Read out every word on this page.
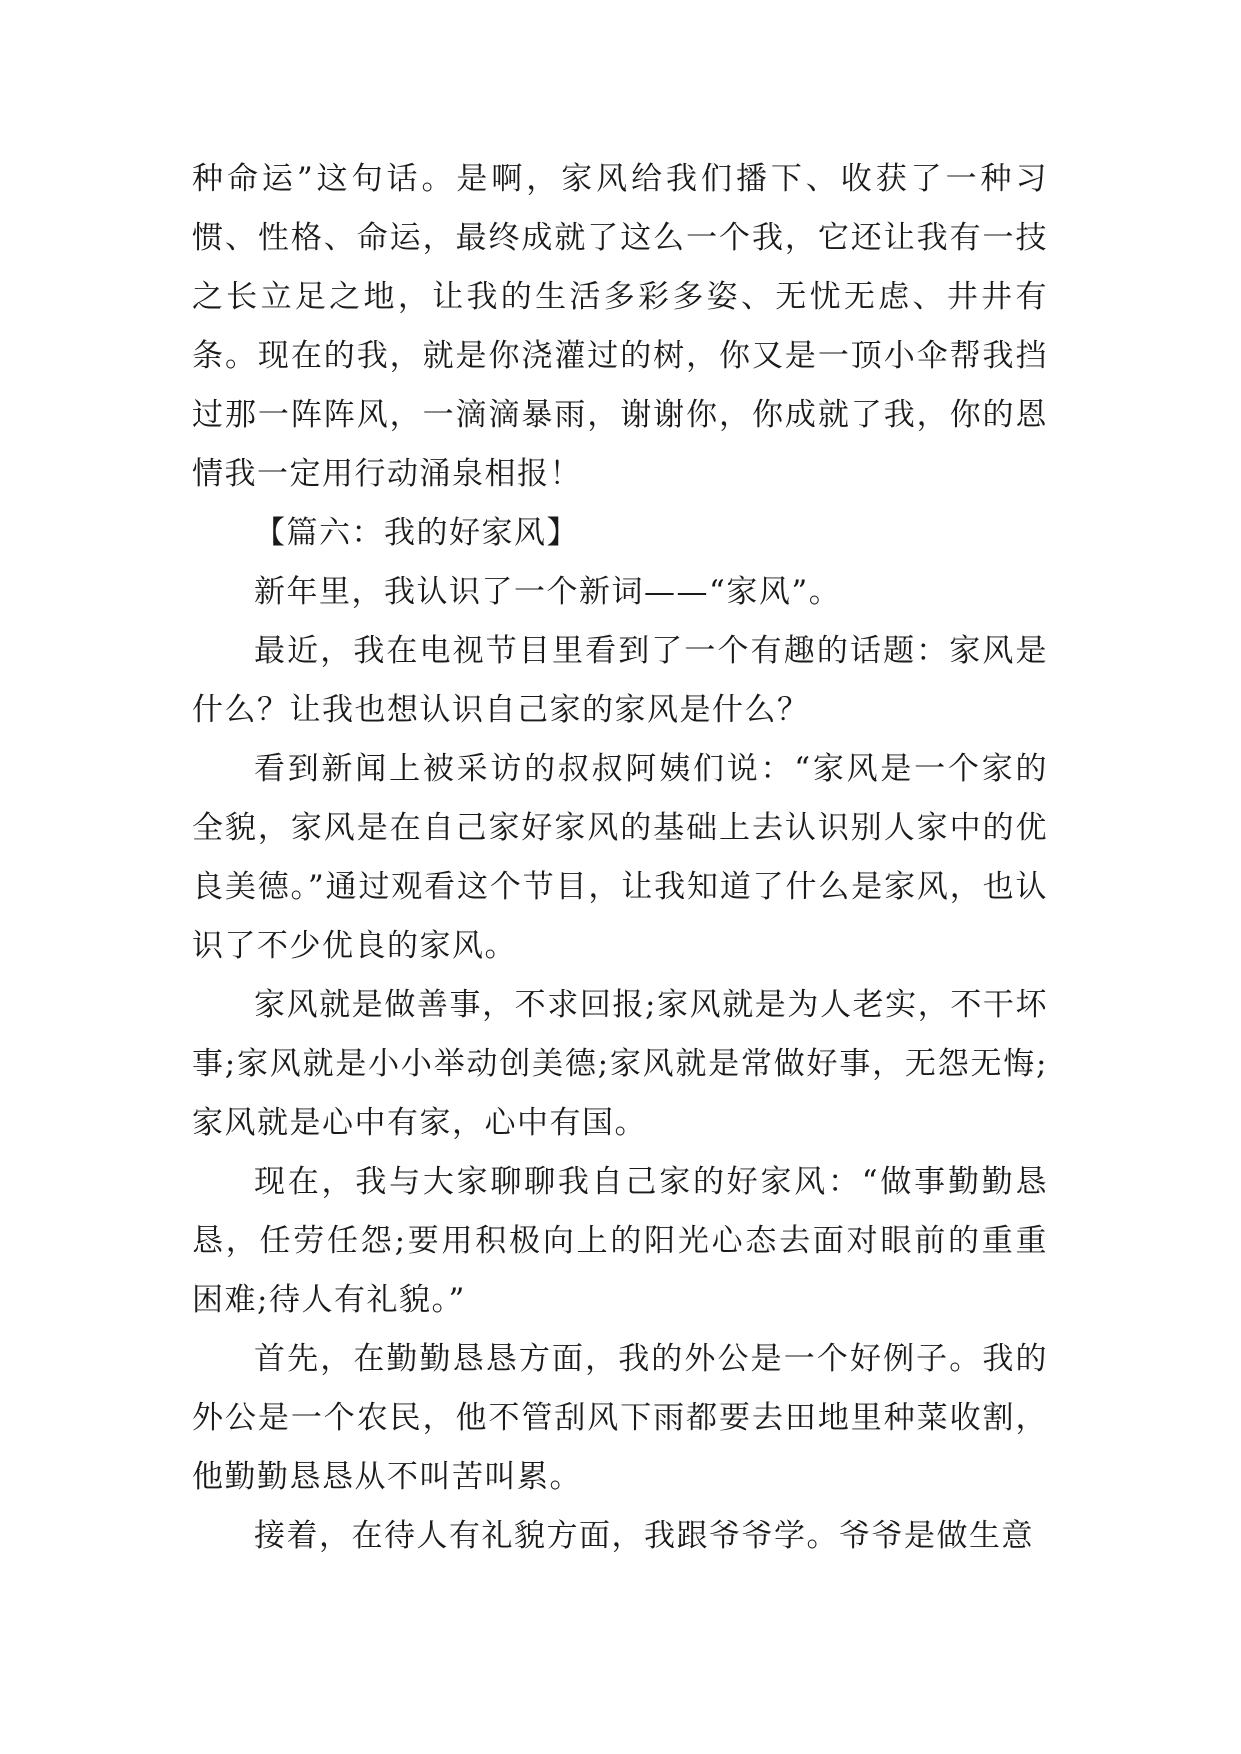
种命运”这句话。是啊，家风给我们播下、收获了一种习惯、性格、命运，最终成就了这么一个我，它还让我有一技之长立足之地，让我的生活多彩多姿、无忧无虑、井井有条。现在的我，就是你浇灌过的树，你又是一顶小伞帮我挡过那一阵阵风，一滴滴暴雨，谢谢你，你成就了我，你的恩情我一定用行动涌泉相报！

【篇六：我的好家风】

新年里，我认识了一个新词——“家风”。

最近，我在电视节目里看到了一个有趣的话题：家风是什么？让我也想认识自己家的家风是什么？

看到新闻上被采访的叔叔阿姨们说：“家风是一个家的全貌，家风是在自己家好家风的基础上去认识别人家中的优良美德。”通过观看这个节目，让我知道了什么是家风，也认识了不少优良的家风。

家风就是做善事，不求回报;家风就是为人老实，不干坏事;家风就是小小举动创美德;家风就是常做好事，无怨无悔;家风就是心中有家，心中有国。

现在，我与大家聊聊我自己家的好家风：“做事勤勤恳恳，任劳任怨;要用积极向上的阳光心态去面对眼前的重重困难;待人有礼貌。”

首先，在勤勤恳恳方面，我的外公是一个好例子。我的外公是一个农民，他不管刮风下雨都要去田地里种菜收割，他勤勤恳恳从不叫苦叫累。

接着，在待人有礼貌方面，我跟爷爷学。爷爷是做生意
